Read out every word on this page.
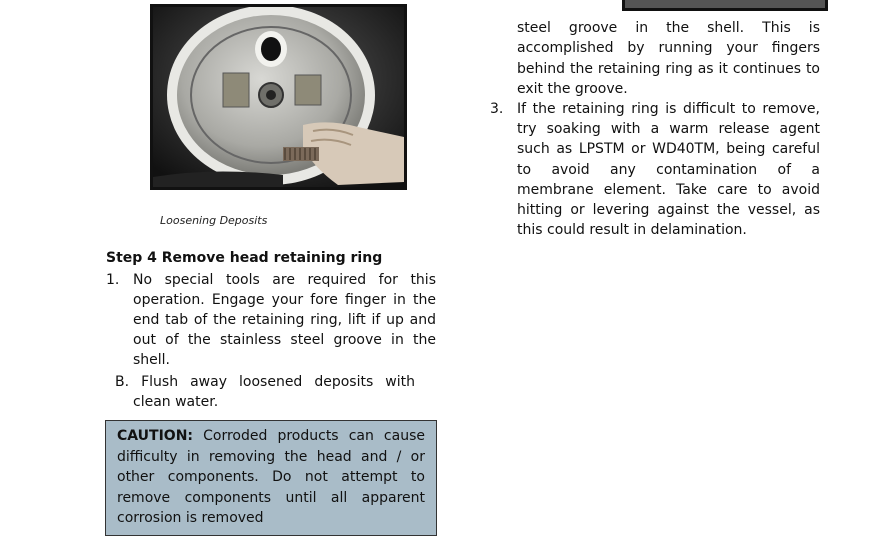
Loosening Deposits
Step 4 Remove head retaining ring
1. No special tools are required for this operation. Engage your fore finger in the end tab of the retaining ring, lift if up and out of the stainless steel groove in the shell.
B. Flush away loosened deposits with clean water.
CAUTION: Corroded products can cause difficulty in removing the head and / or other components. Do not attempt to remove components until all apparent corrosion is removed
steel groove in the shell. This is accomplished by running your fingers behind the retaining ring as it continues to exit the groove.
3. If the retaining ring is difficult to remove, try soaking with a warm release agent such as LPSTM or WD40TM, being careful to avoid any contamination of a membrane element. Take care to avoid hitting or levering against the vessel, as this could result in delamination.
